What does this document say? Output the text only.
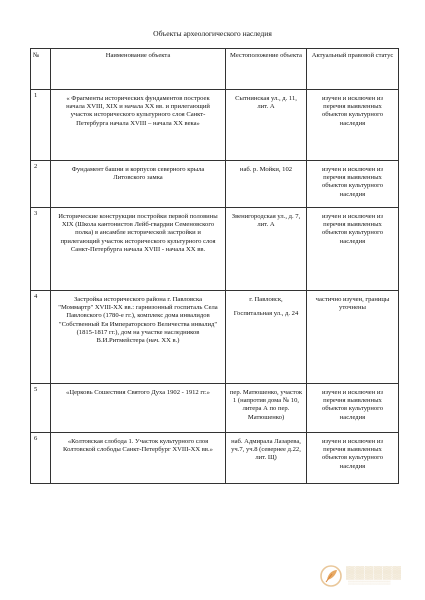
Объекты археологического наследия
№	Наименование объекта	Местоположение объекта	Актуальный правовой статус

1	« Фрагменты исторических фундаментов построек начала XVIII, XIX и начала XX вв. и прилегающий участок исторического культурного слоя Санкт-Петербурга начала XVIII – начала XX века»	Сытнинская ул., д. 11, лит. А	изучен и исключен из перечня выявленных объектов культурного наследия

2	Фундамент башни и корпусов северного крыла Литовского замка	наб. р. Мойки, 102	изучен и исключен из перечня выявленных объектов культурного наследия

3	Исторические конструкции постройки первой половины XIX (Школа кантонистов Лейб-гвардии Семеновского полка) в ансамбле исторической застройки и прилегающий участок исторического культурного слоя Санкт-Петербурга начала XVIII - начала XX вв.	Звенигородская ул., д. 7, лит. А	изучен и исключен из перечня выявленных объектов культурного наследия

4	Застройка исторического района г. Павловска "Моммартр" XVIII-XX вв.: гарнизонный госпиталь Села Павловского (1780-е гг.), комплекс дома инвалидов "Собственный Ея Императорского Величества инвалид" (1815-1817 гг.), дом на участке наследников В.И.Ритмейстера (нач. XX в.)	г. Павловск,
Госпитальная ул., д. 24	частично изучен, границы уточнены

5	«Церковь Сошествия Святого Духа 1902 - 1912 гг.»	пер. Матюшенко, участок 1 (напротив дома № 10, литера А по пер. Матюшенко)	изучен и исключен из перечня выявленных объектов культурного наследия

6	«Колтовская слобода 1. Участок культурного слоя Колтовской слободы Санкт-Петербург XVIII-XX вв.»	наб. Адмирала Лазарева, уч.7, уч.8 (севернее д.22, лит. Щ)	изучен и исключен из перечня выявленных объектов культурного наследия
▓▓▓▓▓▓
▒▒▒▒▒▒▒▒▒▒▒▒▒▒▒
